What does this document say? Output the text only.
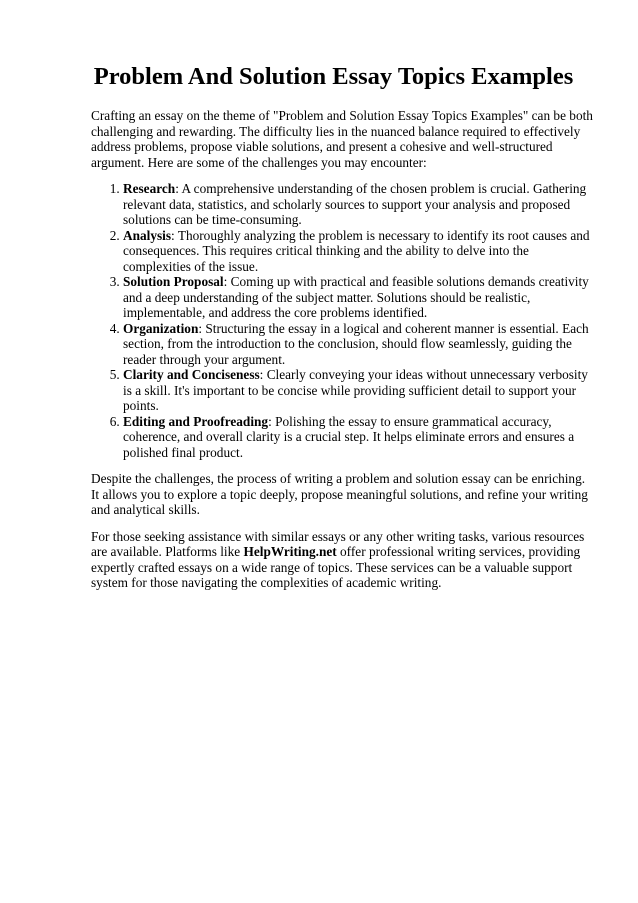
Problem And Solution Essay Topics Examples

Crafting an essay on the theme of "Problem and Solution Essay Topics Examples" can be both challenging and rewarding. The difficulty lies in the nuanced balance required to effectively address problems, propose viable solutions, and present a cohesive and well-structured argument. Here are some of the challenges you may encounter:

1. Research: A comprehensive understanding of the chosen problem is crucial. Gathering relevant data, statistics, and scholarly sources to support your analysis and proposed solutions can be time-consuming.
2. Analysis: Thoroughly analyzing the problem is necessary to identify its root causes and consequences. This requires critical thinking and the ability to delve into the complexities of the issue.
3. Solution Proposal: Coming up with practical and feasible solutions demands creativity and a deep understanding of the subject matter. Solutions should be realistic, implementable, and address the core problems identified.
4. Organization: Structuring the essay in a logical and coherent manner is essential. Each section, from the introduction to the conclusion, should flow seamlessly, guiding the reader through your argument.
5. Clarity and Conciseness: Clearly conveying your ideas without unnecessary verbosity is a skill. It's important to be concise while providing sufficient detail to support your points.
6. Editing and Proofreading: Polishing the essay to ensure grammatical accuracy, coherence, and overall clarity is a crucial step. It helps eliminate errors and ensures a polished final product.

Despite the challenges, the process of writing a problem and solution essay can be enriching. It allows you to explore a topic deeply, propose meaningful solutions, and refine your writing and analytical skills.

For those seeking assistance with similar essays or any other writing tasks, various resources are available. Platforms like HelpWriting.net offer professional writing services, providing expertly crafted essays on a wide range of topics. These services can be a valuable support system for those navigating the complexities of academic writing.
